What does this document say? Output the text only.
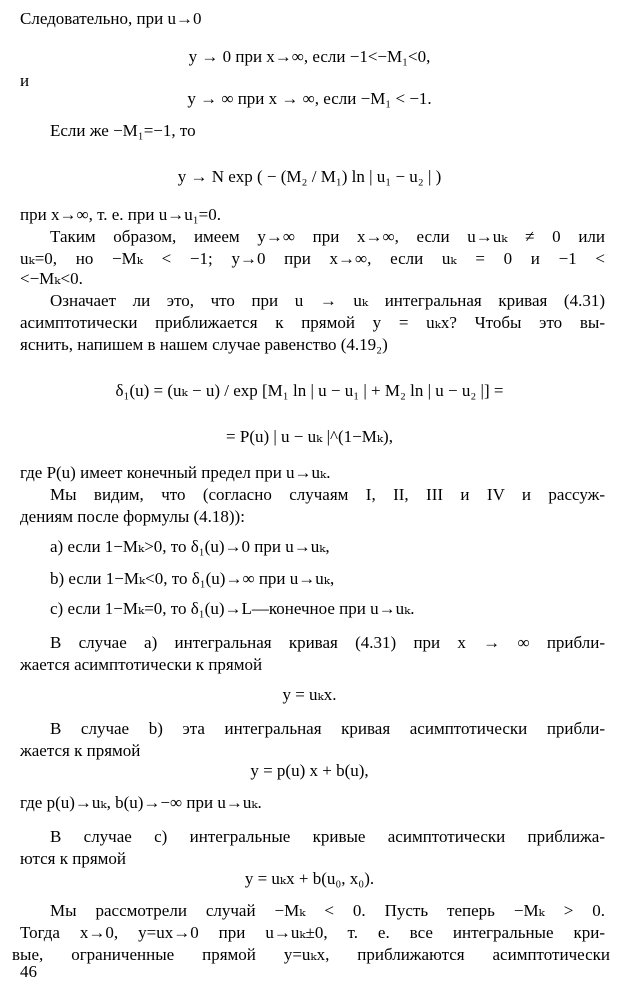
Следовательно, при u→0
y → 0 при x→∞, если −1<−M₁<0,
и
y → ∞ при x → ∞, если −M₁ < −1.
Если же −M₁=−1, то
y → N exp ( − (M₂ / M₁) ln | u₁ − u₂ | )
при x→∞, т. е. при u→u₁=0.
Таким образом, имеем y→∞ при x→∞, если u→uₖ ≠ 0 или
uₖ=0, но −Mₖ < −1; y→0 при x→∞, если uₖ = 0 и −1 <
<−Mₖ<0.
Означает ли это, что при u → uₖ интегральная кривая (4.31)
асимптотически приближается к прямой y = uₖx? Чтобы это вы-
яснить, напишем в нашем случае равенство (4.19₂)
δ₁(u) = (uₖ − u) / exp [M₁ ln | u − u₁ | + M₂ ln | u − u₂ |] =
= P(u) | u − uₖ |^(1−Mₖ),
где P(u) имеет конечный предел при u→uₖ.
Мы видим, что (согласно случаям I, II, III и IV и рассуж-
дениям после формулы (4.18)):
a) если 1−Mₖ>0, то δ₁(u)→0 при u→uₖ,
b) если 1−Mₖ<0, то δ₁(u)→∞ при u→uₖ,
c) если 1−Mₖ=0, то δ₁(u)→L—конечное при u→uₖ.
В случае a) интегральная кривая (4.31) при x → ∞ прибли-
жается асимптотически к прямой
y = uₖx.
В случае b) эта интегральная кривая асимптотически прибли-
жается к прямой
y = p(u) x + b(u),
где p(u)→uₖ, b(u)→−∞ при u→uₖ.
В случае c) интегральные кривые асимптотически приближа-
ются к прямой
y = uₖx + b(u₀, x₀).
Мы рассмотрели случай −Mₖ < 0. Пусть теперь −Mₖ > 0.
Тогда x→0, y=ux→0 при u→uₖ±0, т. е. все интегральные кри-
вые, ограниченные прямой y=uₖx, приближаются асимптотически
46
